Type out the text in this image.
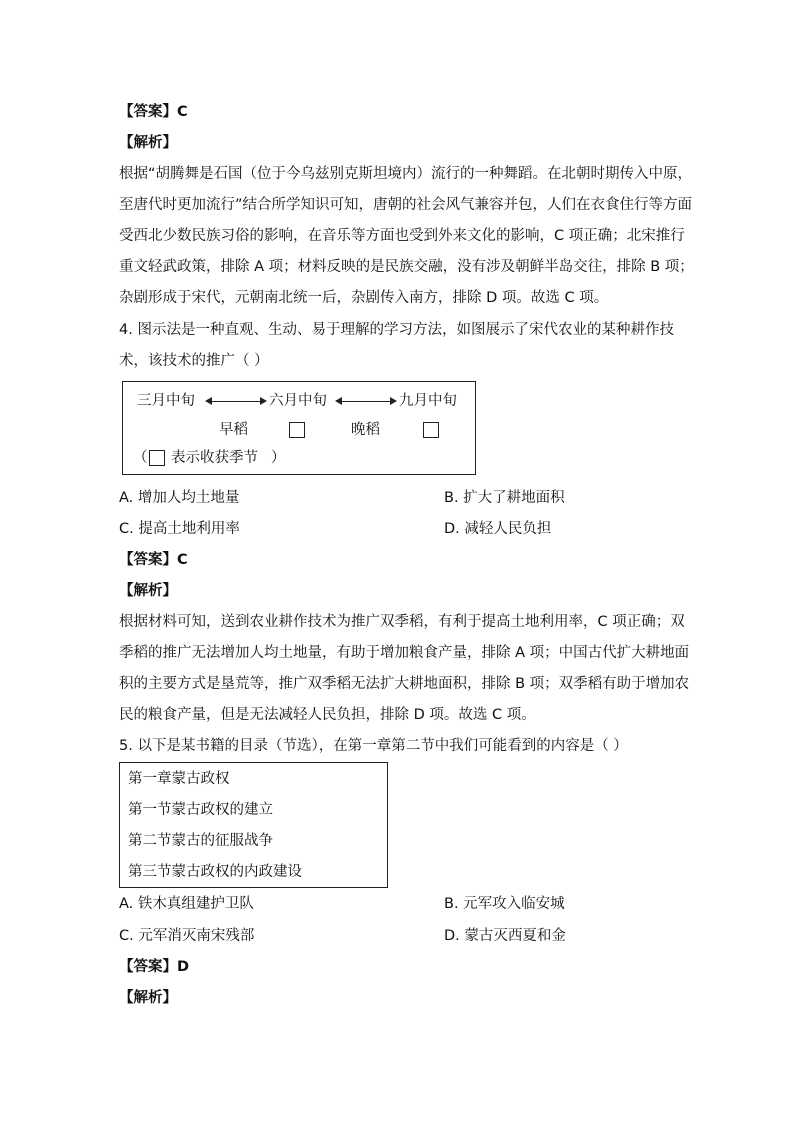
【答案】C
【解析】
根据“胡腾舞是石国（位于今乌兹别克斯坦境内）流行的一种舞蹈。在北朝时期传入中原，
至唐代时更加流行”结合所学知识可知，唐朝的社会风气兼容并包，人们在衣食住行等方面
受西北少数民族习俗的影响，在音乐等方面也受到外来文化的影响，C 项正确；北宋推行
重文轻武政策，排除 A 项；材料反映的是民族交融，没有涉及朝鲜半岛交往，排除 B 项；
杂剧形成于宋代，元朝南北统一后，杂剧传入南方，排除 D 项。故选 C 项。
4. 图示法是一种直观、生动、易于理解的学习方法，如图展示了宋代农业的某种耕作技
术，该技术的推广（ ）
三月中旬	六月中旬	九月中旬
早稻	晚稻
（ 表示收获季节 ）
A. 增加人均土地量	B. 扩大了耕地面积
C. 提高土地利用率	D. 减轻人民负担
【答案】C
【解析】
根据材料可知，送到农业耕作技术为推广双季稻，有利于提高土地利用率，C 项正确；双
季稻的推广无法增加人均土地量，有助于增加粮食产量，排除 A 项；中国古代扩大耕地面
积的主要方式是垦荒等，推广双季稻无法扩大耕地面积，排除 B 项；双季稻有助于增加农
民的粮食产量，但是无法减轻人民负担，排除 D 项。故选 C 项。
5. 以下是某书籍的目录（节选），在第一章第二节中我们可能看到的内容是（ ）
第一章蒙古政权
第一节蒙古政权的建立
第二节蒙古的征服战争
第三节蒙古政权的内政建设
A. 铁木真组建护卫队	B. 元军攻入临安城
C. 元军消灭南宋残部	D. 蒙古灭西夏和金
【答案】D
【解析】
